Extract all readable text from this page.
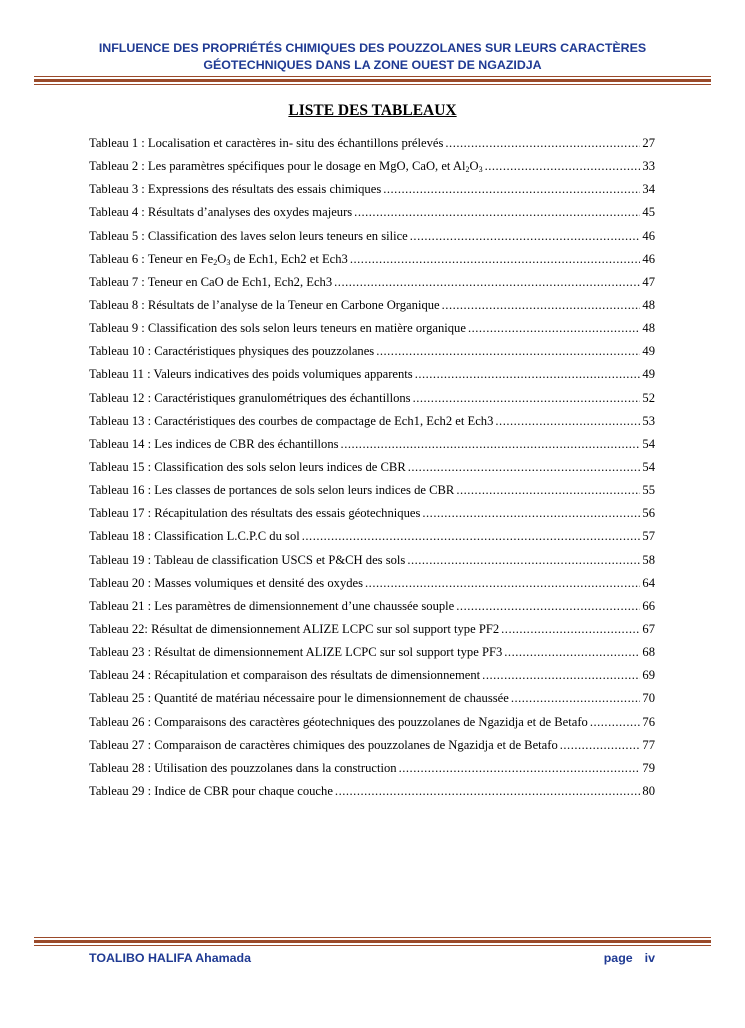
INFLUENCE DES PROPRIÉTÉS CHIMIQUES DES POUZZOLANES SUR LEURS CARACTÈRES
GÉOTECHNIQUES DANS LA ZONE OUEST DE NGAZIDJA
LISTE DES TABLEAUX
Tableau 1 : Localisation et caractères in- situ des échantillons prélevés .....	27
Tableau 2 : Les paramètres spécifiques pour le dosage en MgO, CaO, et $Al_2O_3$ .....	33
Tableau 3 : Expressions des résultats des essais chimiques .....	34
Tableau 4 : Résultats d’analyses des oxydes majeurs .....	45
Tableau 5 : Classification des laves selon leurs teneurs en silice .....	46
Tableau 6 : Teneur en $Fe_2O_3$ de Ech1, Ech2 et Ech3 .....	46
Tableau 7 : Teneur en CaO de Ech1, Ech2, Ech3 .....	47
Tableau 8 : Résultats de l’analyse de la Teneur en Carbone Organique .....	48
Tableau 9 : Classification des sols selon leurs teneurs en matière organique .....	48
Tableau 10 : Caractéristiques physiques des pouzzolanes .....	49
Tableau 11 : Valeurs indicatives des poids volumiques apparents .....	49
Tableau 12 : Caractéristiques granulométriques des échantillons .....	52
Tableau 13 : Caractéristiques des courbes de compactage de Ech1, Ech2 et Ech3 .....	53
Tableau 14 : Les indices de CBR des échantillons .....	54
Tableau 15 : Classification des sols selon leurs indices de CBR .....	54
Tableau 16 : Les classes de portances de sols selon leurs indices de CBR .....	55
Tableau 17 : Récapitulation des résultats des essais géotechniques .....	56
Tableau 18 : Classification L.C.P.C du sol .....	57
Tableau 19 : Tableau de classification USCS et P&CH des sols .....	58
Tableau 20 : Masses volumiques et densité des oxydes .....	64
Tableau 21 : Les paramètres de dimensionnement d’une chaussée souple .....	66
Tableau 22: Résultat de dimensionnement ALIZE LCPC sur sol support type PF2 .....	67
Tableau 23 : Résultat de dimensionnement ALIZE LCPC sur sol support type PF3 .....	68
Tableau 24 : Récapitulation et comparaison des résultats de dimensionnement .....	69
Tableau 25 : Quantité de matériau nécessaire pour le dimensionnement de chaussée .....	70
Tableau 26 : Comparaisons des caractères géotechniques des pouzzolanes de Ngazidja et de Betafo .....	76
Tableau 27 : Comparaison de caractères chimiques des pouzzolanes de Ngazidja et de Betafo .....	77
Tableau 28 : Utilisation des pouzzolanes dans la construction .....	79
Tableau 29 : Indice de CBR pour chaque couche .....	80
TOALIBO HALIFA Ahamada	page iv
